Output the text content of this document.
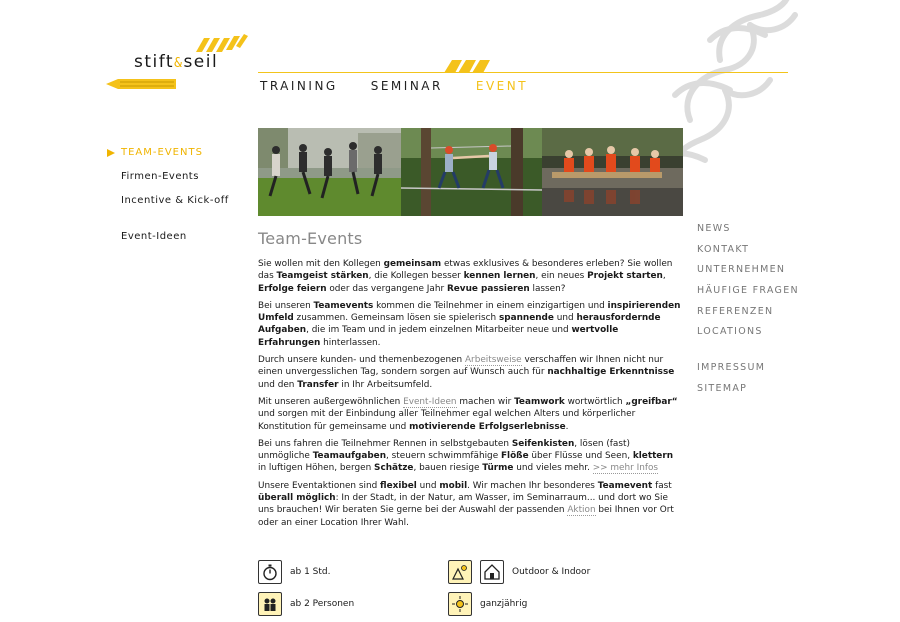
stift&seil
TRAINING	SEMINAR	EVENT
TEAM-EVENTS
Firmen-Events
Incentive & Kick-off
Event-Ideen	Team-Events

Sie wollen mit den Kollegen gemeinsam etwas exklusives & besonderes erleben? Sie wollen das Teamgeist stärken, die Kollegen besser kennen lernen, ein neues Projekt starten, Erfolge feiern oder das vergangene Jahr Revue passieren lassen?

Bei unseren Teamevents kommen die Teilnehmer in einem einzigartigen und inspirierenden Umfeld zusammen. Gemeinsam lösen sie spielerisch spannende und herausfordernde Aufgaben, die im Team und in jedem einzelnen Mitarbeiter neue und wertvolle Erfahrungen hinterlassen.

Durch unsere kunden- und themenbezogenen Arbeitsweise verschaffen wir Ihnen nicht nur einen unvergesslichen Tag, sondern sorgen auf Wunsch auch für nachhaltige Erkenntnisse und den Transfer in Ihr Arbeitsumfeld.

Mit unseren außergewöhnlichen Event-Ideen machen wir Teamwork wortwörtlich „greifbar“ und sorgen mit der Einbindung aller Teilnehmer egal welchen Alters und körperlicher Konstitution für gemeinsame und motivierende Erfolgserlebnisse.

Bei uns fahren die Teilnehmer Rennen in selbstgebauten Seifenkisten, lösen (fast) unmögliche Teamaufgaben, steuern schwimmfähige Flöße über Flüsse und Seen, klettern in luftigen Höhen, bergen Schätze, bauen riesige Türme und vieles mehr. >> mehr Infos

Unsere Eventaktionen sind flexibel und mobil. Wir machen Ihr besonderes Teamevent fast überall möglich: In der Stadt, in der Natur, am Wasser, im Seminarraum... und dort wo Sie uns brauchen! Wir beraten Sie gerne bei der Auswahl der passenden Aktion bei Ihnen vor Ort oder an einer Location Ihrer Wahl.

ab 1 Std.	Outdoor & Indoor
ab 2 Personen	ganzjährig
NEWS
KONTAKT
UNTERNEHMEN
HÄUFIGE FRAGEN
REFERENZEN
LOCATIONS
IMPRESSUM
SITEMAP
